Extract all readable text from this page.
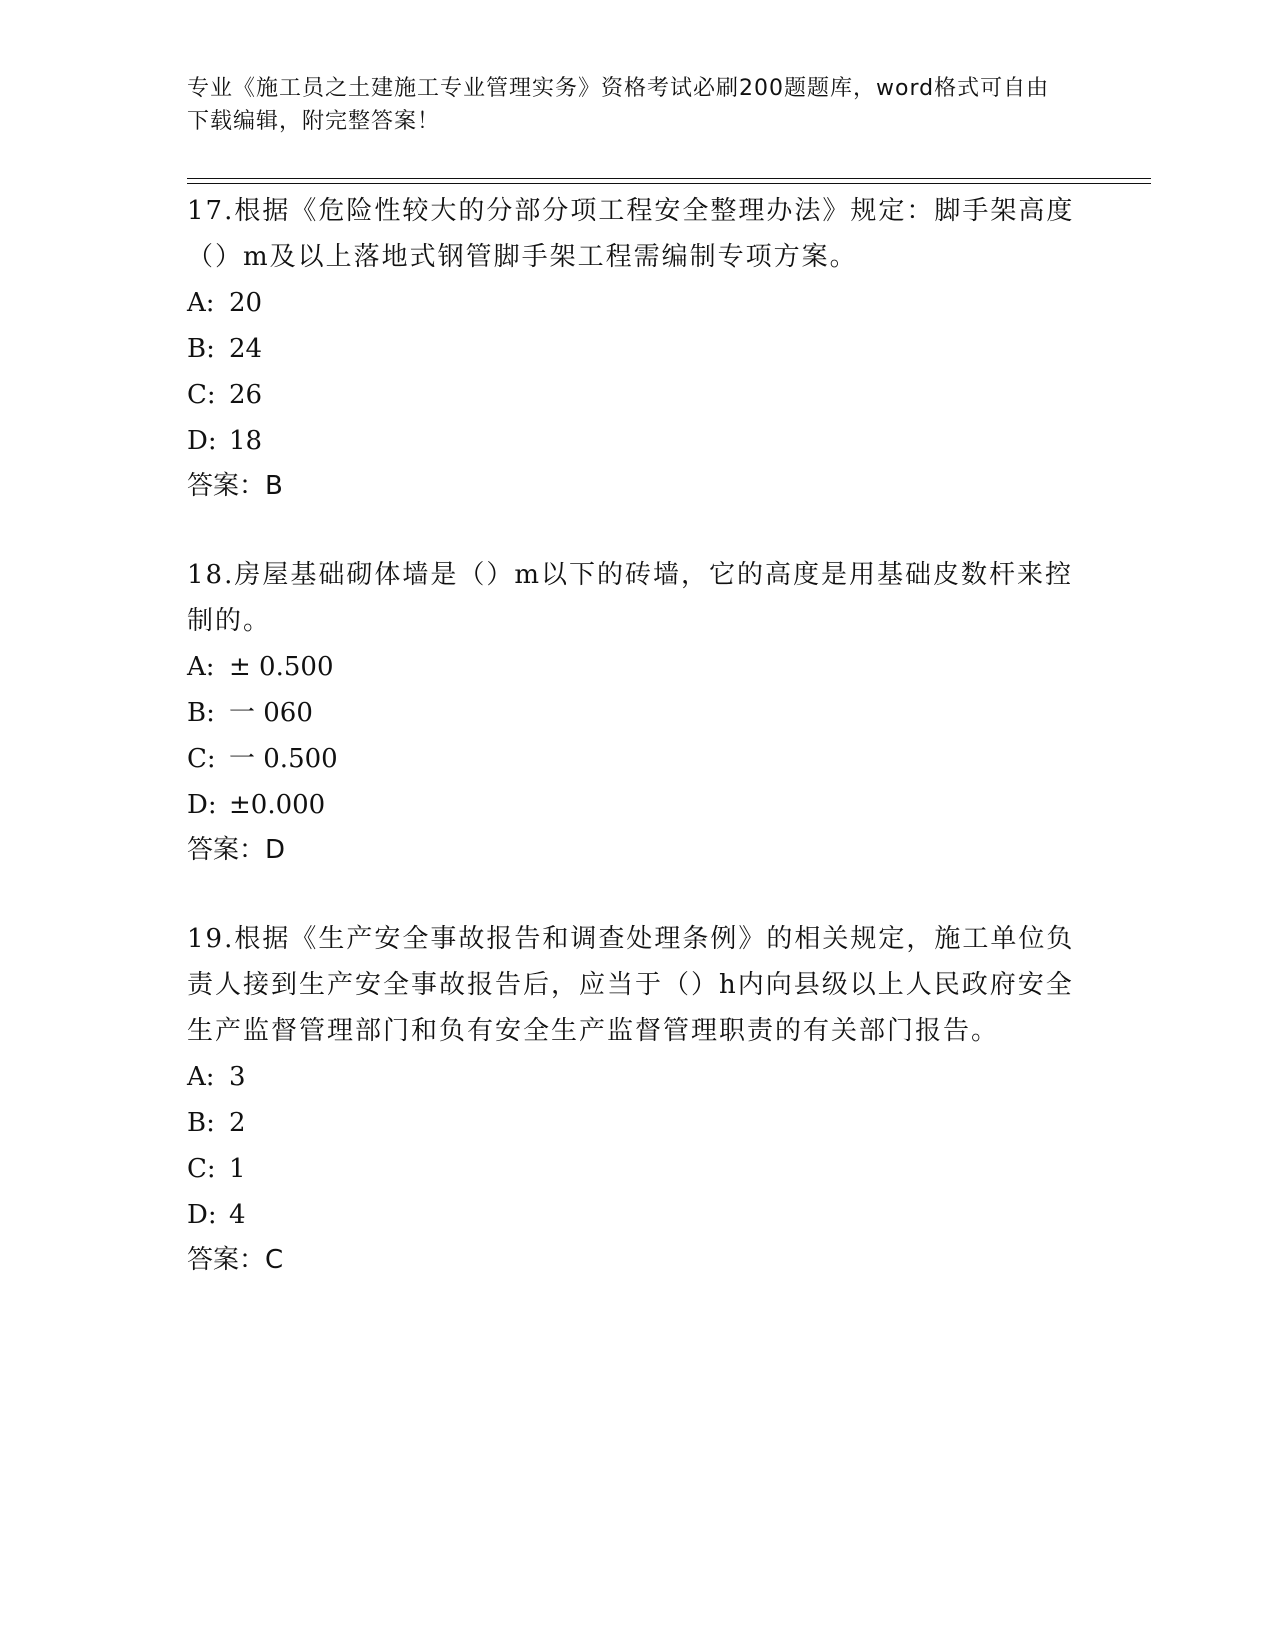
专业《施工员之土建施工专业管理实务》资格考试必刷200题题库，word格式可自由下载编辑，附完整答案！

17.根据《危险性较大的分部分项工程安全整理办法》规定：脚手架高度（）m及以上落地式钢管脚手架工程需编制专项方案。

A: 20

B: 24

C: 26

D: 18

答案：B

18.房屋基础砌体墙是（）m以下的砖墙，它的高度是用基础皮数杆来控制的。

A: ± 0.500

B: 一 060

C: 一 0.500

D: ±0.000

答案：D

19.根据《生产安全事故报告和调查处理条例》的相关规定，施工单位负责人接到生产安全事故报告后，应当于（）h内向县级以上人民政府安全生产监督管理部门和负有安全生产监督管理职责的有关部门报告。

A: 3

B: 2

C: 1

D: 4

答案：C
